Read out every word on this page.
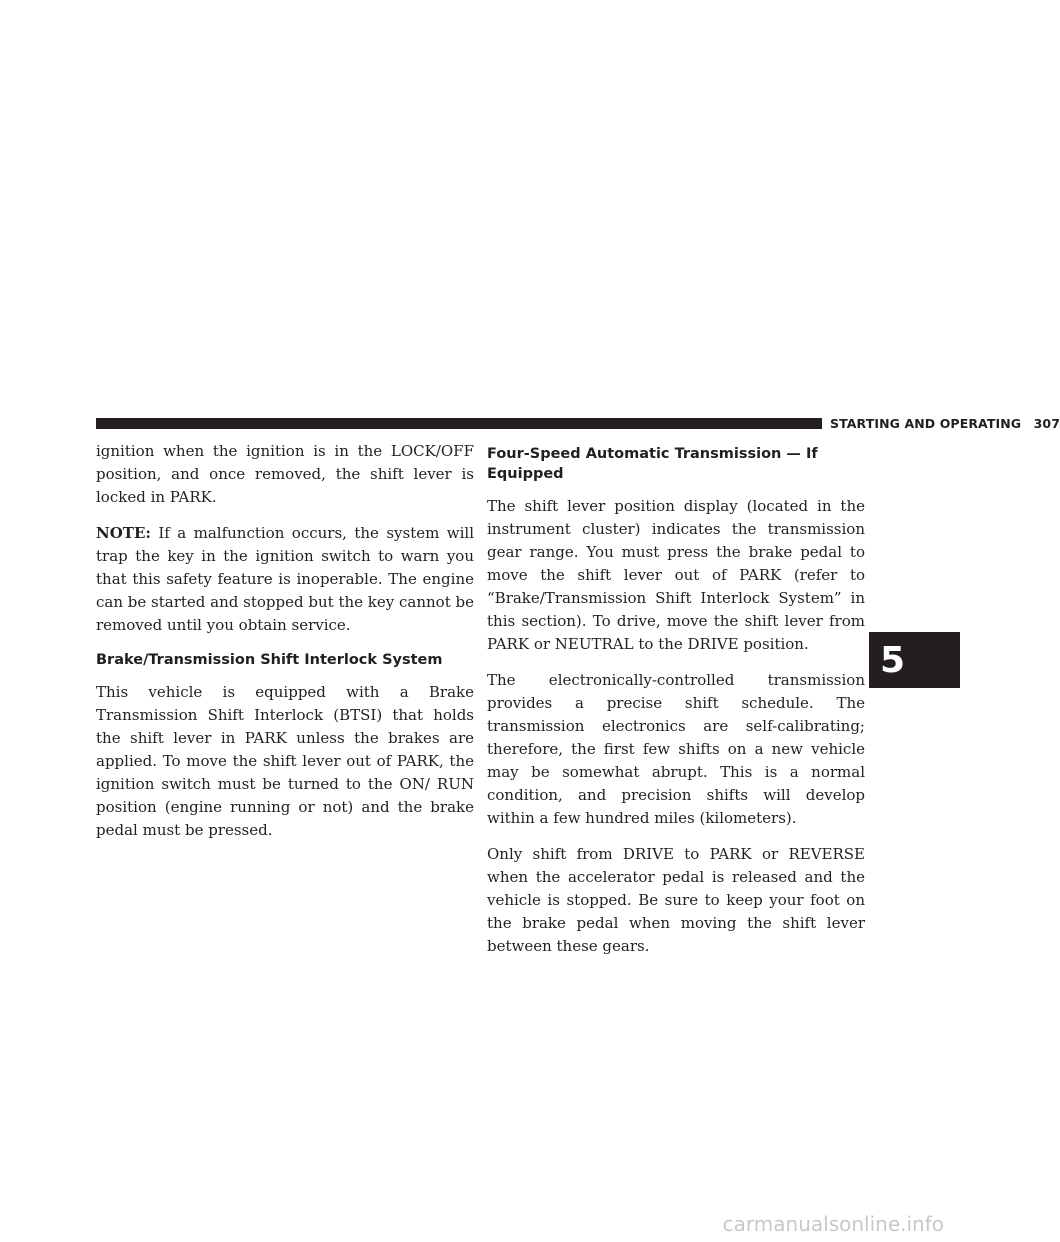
STARTING AND OPERATING 307

ignition when the ignition is in the LOCK/OFF position, and once removed, the shift lever is locked in PARK.

NOTE: If a malfunction occurs, the system will trap the key in the ignition switch to warn you that this safety feature is inoperable. The engine can be started and stopped but the key cannot be removed until you obtain service.

Brake/Transmission Shift Interlock System

This vehicle is equipped with a Brake Transmission Shift Interlock (BTSI) that holds the shift lever in PARK unless the brakes are applied. To move the shift lever out of PARK, the ignition switch must be turned to the ON/ RUN position (engine running or not) and the brake pedal must be pressed.

Four-Speed Automatic Transmission — If Equipped

The shift lever position display (located in the instrument cluster) indicates the transmission gear range. You must press the brake pedal to move the shift lever out of PARK (refer to “Brake/Transmission Shift Interlock System” in this section). To drive, move the shift lever from PARK or NEUTRAL to the DRIVE position.

The electronically-controlled transmission provides a precise shift schedule. The transmission electronics are self-calibrating; therefore, the first few shifts on a new vehicle may be somewhat abrupt. This is a normal condition, and precision shifts will develop within a few hundred miles (kilometers).

Only shift from DRIVE to PARK or REVERSE when the accelerator pedal is released and the vehicle is stopped. Be sure to keep your foot on the brake pedal when moving the shift lever between these gears.

5
carmanualsonline.info
